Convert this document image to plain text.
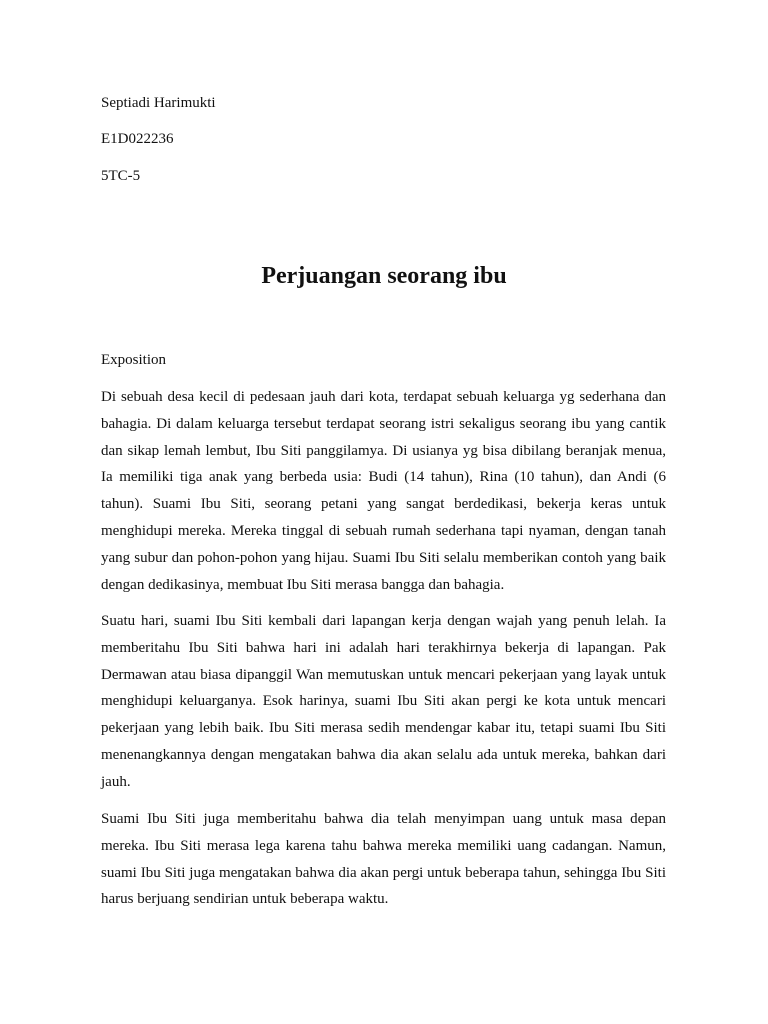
Septiadi Harimukti

E1D022236

5TC-5

Perjuangan seorang ibu
Exposition

Di sebuah desa kecil di pedesaan jauh dari kota, terdapat sebuah keluarga yg sederhana dan bahagia. Di dalam keluarga tersebut terdapat seorang istri sekaligus seorang ibu yang cantik dan sikap lemah lembut, Ibu Siti panggilamya. Di usianya yg bisa dibilang beranjak menua, Ia memiliki tiga anak yang berbeda usia: Budi (14 tahun), Rina (10 tahun), dan Andi (6 tahun). Suami Ibu Siti, seorang petani yang sangat berdedikasi, bekerja keras untuk menghidupi mereka. Mereka tinggal di sebuah rumah sederhana tapi nyaman, dengan tanah yang subur dan pohon-pohon yang hijau. Suami Ibu Siti selalu memberikan contoh yang baik dengan dedikasinya, membuat Ibu Siti merasa bangga dan bahagia.

Suatu hari, suami Ibu Siti kembali dari lapangan kerja dengan wajah yang penuh lelah. Ia memberitahu Ibu Siti bahwa hari ini adalah hari terakhirnya bekerja di lapangan. Pak Dermawan atau biasa dipanggil Wan memutuskan untuk mencari pekerjaan yang layak untuk menghidupi keluarganya. Esok harinya, suami Ibu Siti akan pergi ke kota untuk mencari pekerjaan yang lebih baik. Ibu Siti merasa sedih mendengar kabar itu, tetapi suami Ibu Siti menenangkannya dengan mengatakan bahwa dia akan selalu ada untuk mereka, bahkan dari jauh.

Suami Ibu Siti juga memberitahu bahwa dia telah menyimpan uang untuk masa depan mereka. Ibu Siti merasa lega karena tahu bahwa mereka memiliki uang cadangan. Namun, suami Ibu Siti juga mengatakan bahwa dia akan pergi untuk beberapa tahun, sehingga Ibu Siti harus berjuang sendirian untuk beberapa waktu.
